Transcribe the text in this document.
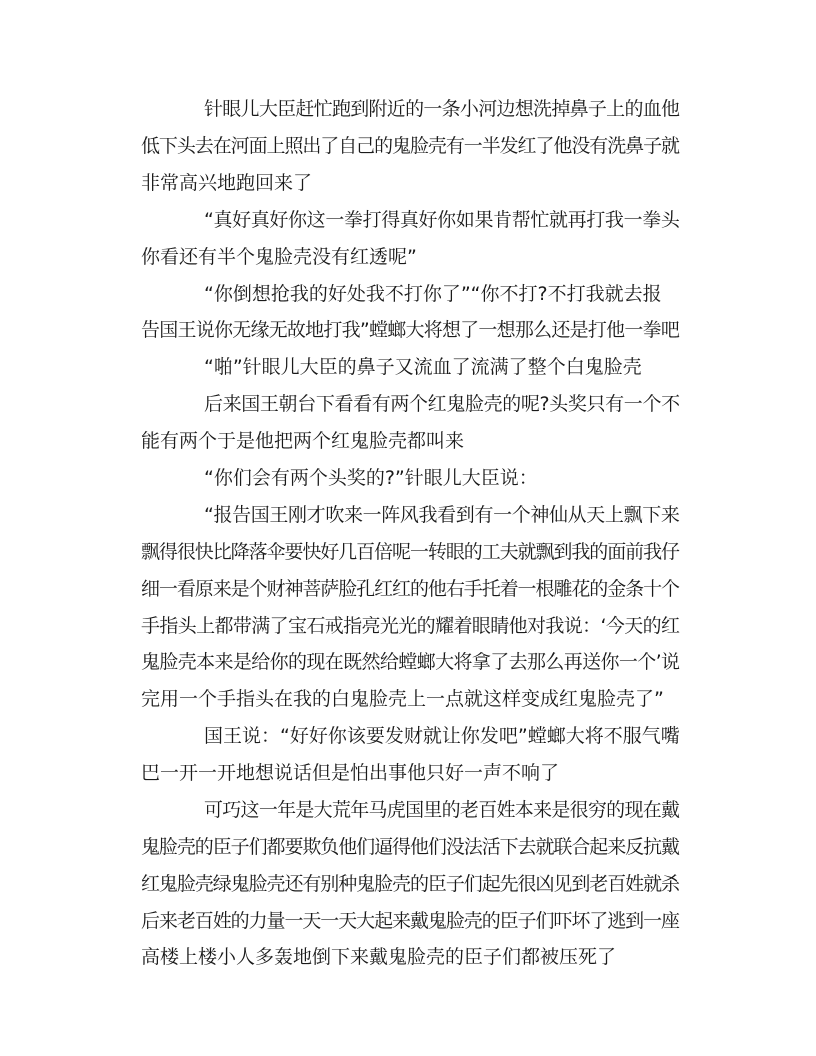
针眼儿大臣赶忙跑到附近的一条小河边想洗掉鼻子上的血他
低下头去在河面上照出了自己的鬼脸壳有一半发红了他没有洗鼻子就
非常高兴地跑回来了
“真好真好你这一拳打得真好你如果肯帮忙就再打我一拳头
你看还有半个鬼脸壳没有红透呢”
“你倒想抢我的好处我不打你了”“你不打?不打我就去报
告国王说你无缘无故地打我”螳螂大将想了一想那么还是打他一拳吧
“啪”针眼儿大臣的鼻子又流血了流满了整个白鬼脸壳
后来国王朝台下看看有两个红鬼脸壳的呢?头奖只有一个不
能有两个于是他把两个红鬼脸壳都叫来
“你们会有两个头奖的?”针眼儿大臣说：
“报告国王刚才吹来一阵风我看到有一个神仙从天上飘下来
飘得很快比降落伞要快好几百倍呢一转眼的工夫就飘到我的面前我仔
细一看原来是个财神菩萨脸孔红红的他右手托着一根雕花的金条十个
手指头上都带满了宝石戒指亮光光的耀着眼睛他对我说：‘今天的红
鬼脸壳本来是给你的现在既然给螳螂大将拿了去那么再送你一个’说
完用一个手指头在我的白鬼脸壳上一点就这样变成红鬼脸壳了”
国王说：“好好你该要发财就让你发吧”螳螂大将不服气嘴
巴一开一开地想说话但是怕出事他只好一声不响了
可巧这一年是大荒年马虎国里的老百姓本来是很穷的现在戴
鬼脸壳的臣子们都要欺负他们逼得他们没法活下去就联合起来反抗戴
红鬼脸壳绿鬼脸壳还有别种鬼脸壳的臣子们起先很凶见到老百姓就杀
后来老百姓的力量一天一天大起来戴鬼脸壳的臣子们吓坏了逃到一座
高楼上楼小人多轰地倒下来戴鬼脸壳的臣子们都被压死了
